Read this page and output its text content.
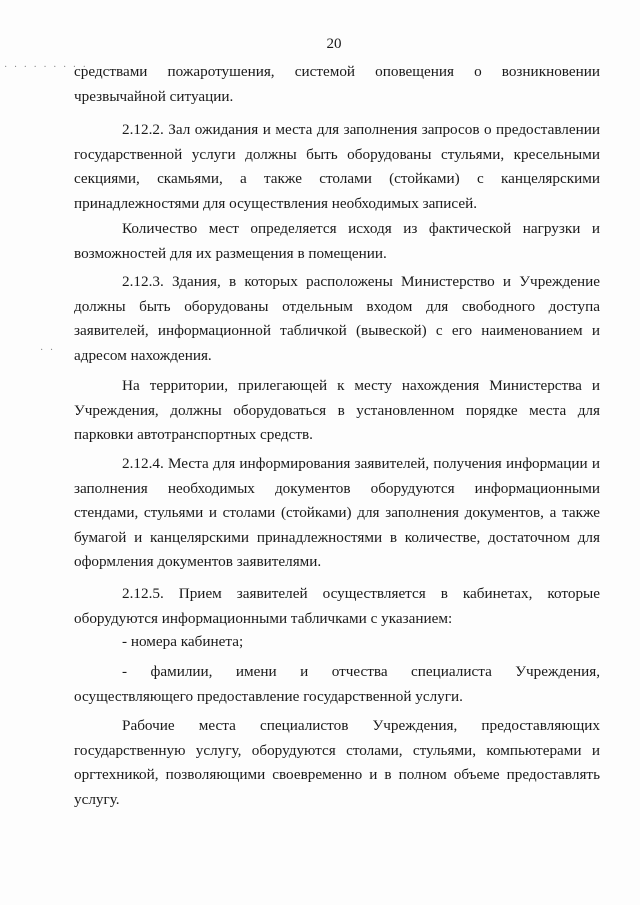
· · · · · · · · ·
· ·
20

средствами пожаротушения, системой оповещения о возникновении чрезвычайной ситуации.

2.12.2. Зал ожидания и места для заполнения запросов о предоставлении государственной услуги должны быть оборудованы стульями, кресельными секциями, скамьями, а также столами (стойками) с канцелярскими принадлежностями для осуществления необходимых записей.

Количество мест определяется исходя из фактической нагрузки и возможностей для их размещения в помещении.

2.12.3. Здания, в которых расположены Министерство и Учреждение должны быть оборудованы отдельным входом для свободного доступа заявителей, информационной табличкой (вывеской) с его наименованием и адресом нахождения.

На территории, прилегающей к месту нахождения Министерства и Учреждения, должны оборудоваться в установленном порядке места для парковки автотранспортных средств.

2.12.4. Места для информирования заявителей, получения информации и заполнения необходимых документов оборудуются информационными стендами, стульями и столами (стойками) для заполнения документов, а также бумагой и канцелярскими принадлежностями в количестве, достаточном для оформления документов заявителями.

2.12.5. Прием заявителей осуществляется в кабинетах, которые оборудуются информационными табличками с указанием:

- номера кабинета;

- фамилии, имени и отчества специалиста Учреждения, осуществляющего предоставление государственной услуги.

Рабочие места специалистов Учреждения, предоставляющих государственную услугу, оборудуются столами, стульями, компьютерами и оргтехникой, позволяющими своевременно и в полном объеме предоставлять услугу.
